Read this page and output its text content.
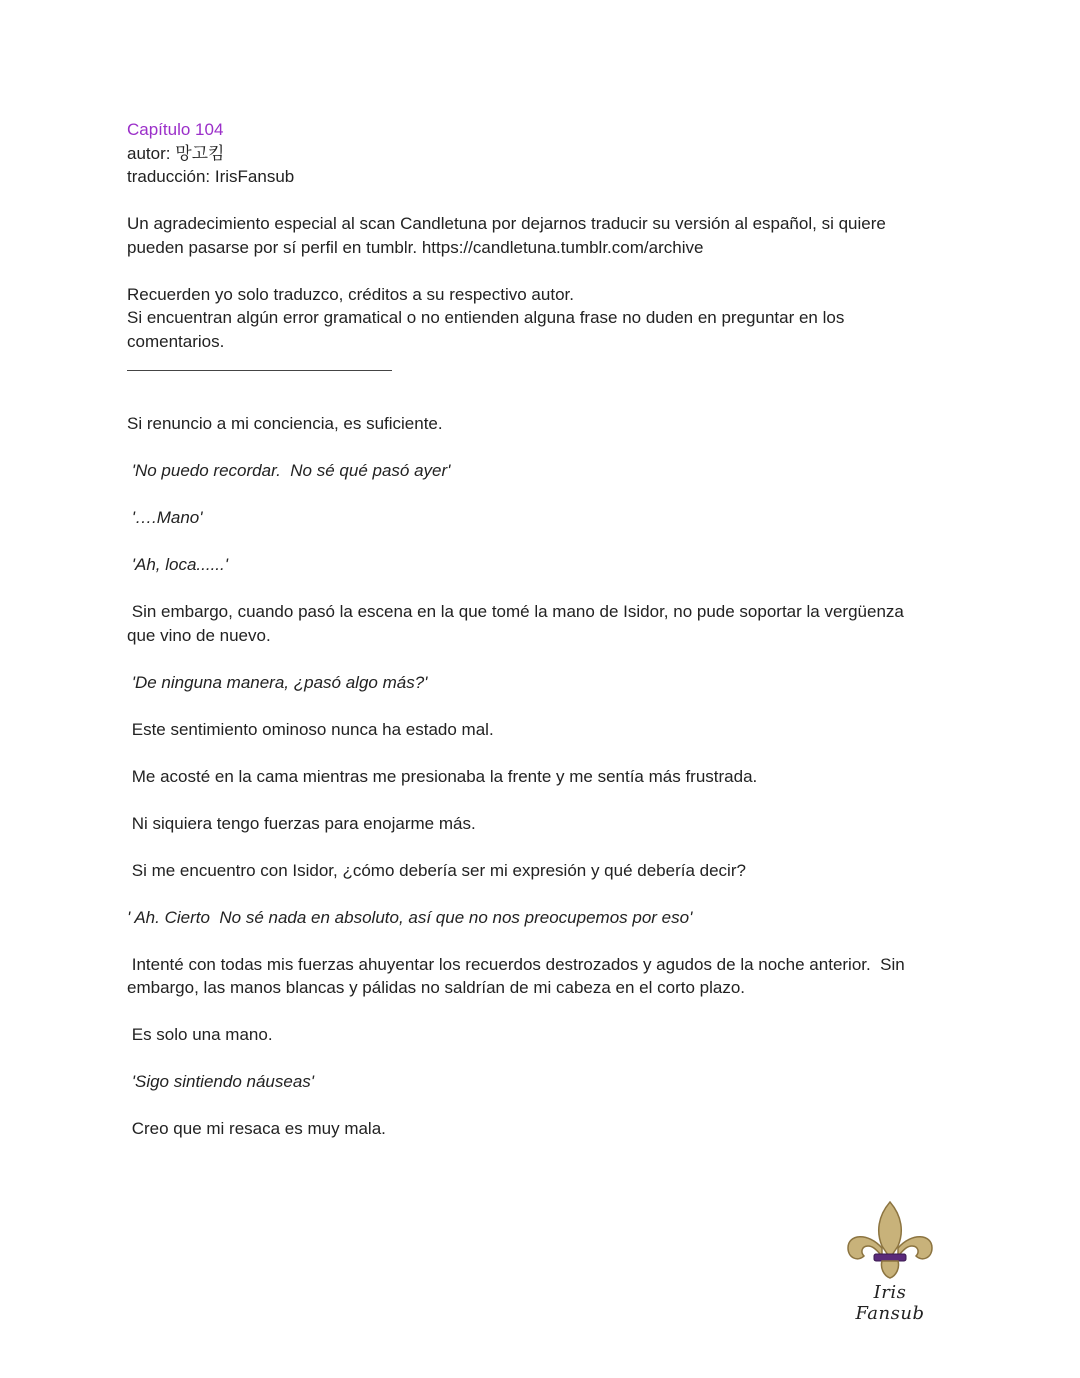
Capítulo 104
autor: 망고킴
traducción: IrisFansub
Un agradecimiento especial al scan Candletuna por dejarnos traducir su versión al español, si quiere
pueden pasarse por sí perfil en tumblr. https://candletuna.tumblr.com/archive
Recuerden yo solo traduzco, créditos a su respectivo autor.
Si encuentran algún error gramatical o no entienden alguna frase no duden en preguntar en los
comentarios.

Si renuncio a mi conciencia, es suficiente.

'No puedo recordar.  No sé qué pasó ayer'

'….Mano'

'Ah, loca......'

Sin embargo, cuando pasó la escena en la que tomé la mano de Isidor, no pude soportar la vergüenza
que vino de nuevo.

'De ninguna manera, ¿pasó algo más?'

Este sentimiento ominoso nunca ha estado mal.

Me acosté en la cama mientras me presionaba la frente y me sentía más frustrada.

Ni siquiera tengo fuerzas para enojarme más.

Si me encuentro con Isidor, ¿cómo debería ser mi expresión y qué debería decir?

' Ah. Cierto  No sé nada en absoluto, así que no nos preocupemos por eso'

Intenté con todas mis fuerzas ahuyentar los recuerdos destrozados y agudos de la noche anterior.  Sin
embargo, las manos blancas y pálidas no saldrían de mi cabeza en el corto plazo.

Es solo una mano.

'Sigo sintiendo náuseas'

Creo que mi resaca es muy mala.

Iris Fansub
